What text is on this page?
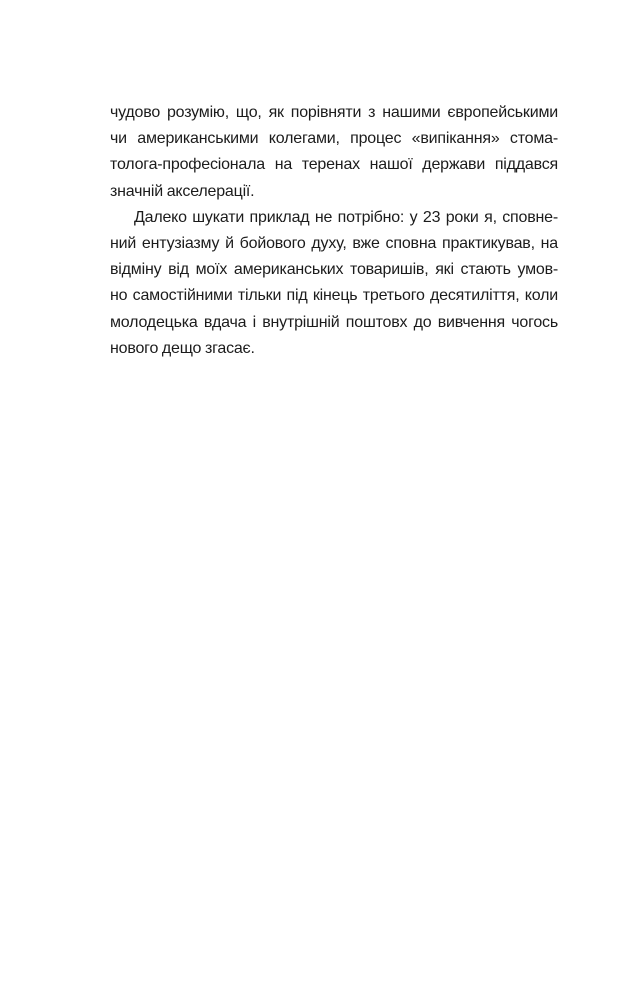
чудово розумію, що, як порівняти з нашими європейськими
чи американськими колегами, процес «випікання» стома-
толога-професіонала на теренах нашої держави піддався
значній акселерації.
Далеко шукати приклад не потрібно: у 23 роки я, сповне-
ний ентузіазму й бойового духу, вже сповна практикував, на
відміну від моїх американських товаришів, які стають умов-
но самостійними тільки під кінець третього десятиліття, коли
молодецька вдача і внутрішній поштовх до вивчення чогось
нового дещо згасає.
